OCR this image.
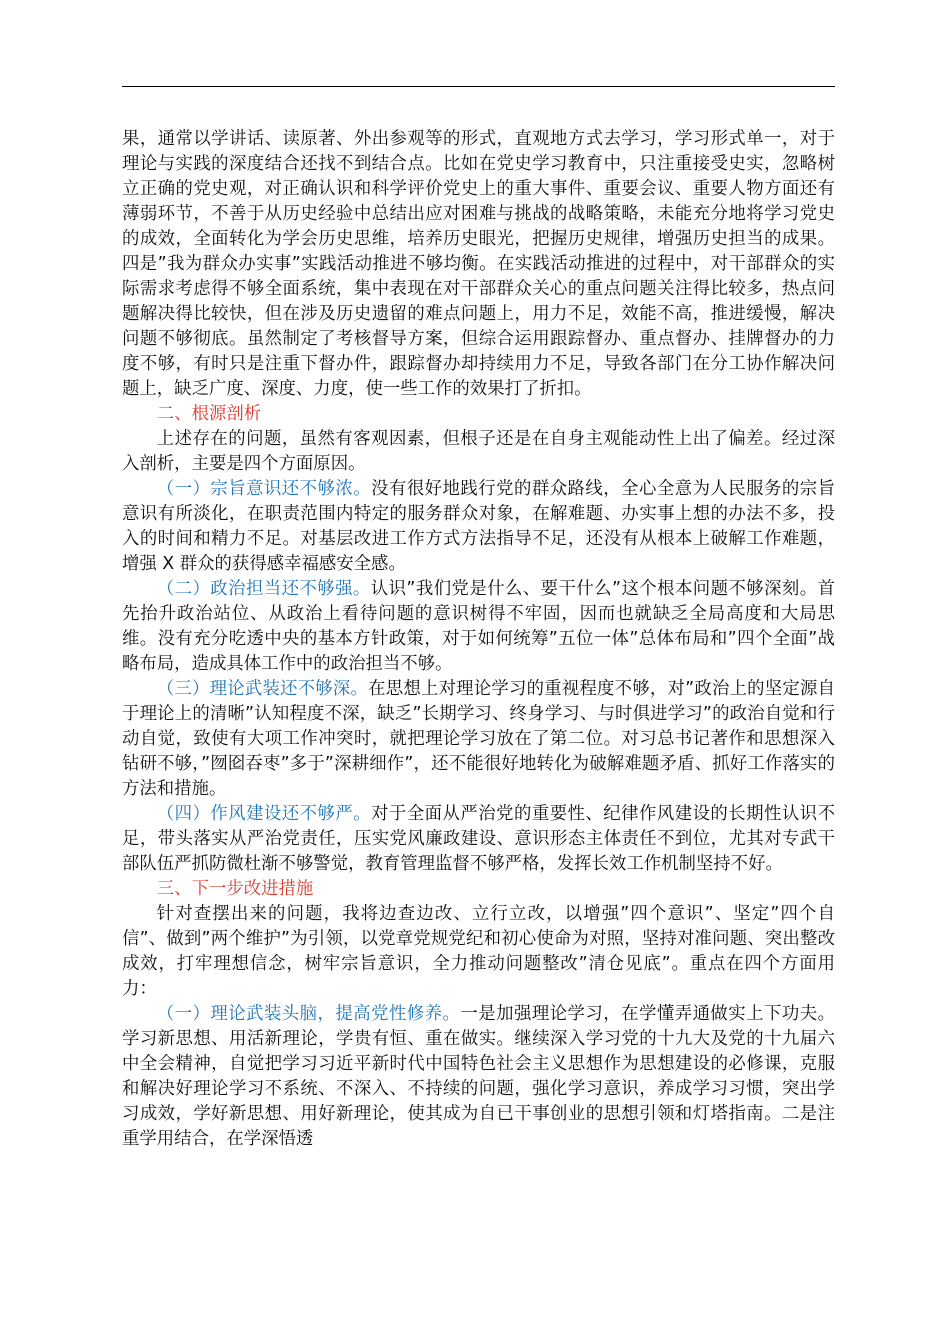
果，通常以学讲话、读原著、外出参观等的形式，直观地方式去学习，学习形式单一，对于理论与实践的深度结合还找不到结合点。比如在党史学习教育中，只注重接受史实，忽略树立正确的党史观，对正确认识和科学评价党史上的重大事件、重要会议、重要人物方面还有薄弱环节，不善于从历史经验中总结出应对困难与挑战的战略策略，未能充分地将学习党史的成效，全面转化为学会历史思维，培养历史眼光，把握历史规律，增强历史担当的成果。四是”我为群众办实事”实践活动推进不够均衡。在实践活动推进的过程中，对干部群众的实际需求考虑得不够全面系统，集中表现在对干部群众关心的重点问题关注得比较多，热点问题解决得比较快，但在涉及历史遗留的难点问题上，用力不足，效能不高，推进缓慢，解决问题不够彻底。虽然制定了考核督导方案，但综合运用跟踪督办、重点督办、挂牌督办的力度不够，有时只是注重下督办件，跟踪督办却持续用力不足，导致各部门在分工协作解决问题上，缺乏广度、深度、力度，使一些工作的效果打了折扣。

二、根源剖析

上述存在的问题，虽然有客观因素，但根子还是在自身主观能动性上出了偏差。经过深入剖析，主要是四个方面原因。

（一）宗旨意识还不够浓。没有很好地践行党的群众路线，全心全意为人民服务的宗旨意识有所淡化，在职责范围内特定的服务群众对象，在解难题、办实事上想的办法不多，投入的时间和精力不足。对基层改进工作方式方法指导不足，还没有从根本上破解工作难题，增强 X 群众的获得感幸福感安全感。

（二）政治担当还不够强。认识”我们党是什么、要干什么”这个根本问题不够深刻。首先抬升政治站位、从政治上看待问题的意识树得不牢固，因而也就缺乏全局高度和大局思维。没有充分吃透中央的基本方针政策，对于如何统筹”五位一体”总体布局和”四个全面”战略布局，造成具体工作中的政治担当不够。

（三）理论武装还不够深。在思想上对理论学习的重视程度不够，对”政治上的坚定源自于理论上的清晰”认知程度不深，缺乏”长期学习、终身学习、与时俱进学习”的政治自觉和行动自觉，致使有大项工作冲突时，就把理论学习放在了第二位。对习总书记著作和思想深入钻研不够，”囫囵吞枣”多于”深耕细作”，还不能很好地转化为破解难题矛盾、抓好工作落实的方法和措施。

（四）作风建设还不够严。对于全面从严治党的重要性、纪律作风建设的长期性认识不足，带头落实从严治党责任，压实党风廉政建设、意识形态主体责任不到位，尤其对专武干部队伍严抓防微杜渐不够警觉，教育管理监督不够严格，发挥长效工作机制坚持不好。

三、下一步改进措施

针对查摆出来的问题，我将边查边改、立行立改，以增强”四个意识”、坚定”四个自信”、做到”两个维护”为引领，以党章党规党纪和初心使命为对照，坚持对准问题、突出整改成效，打牢理想信念，树牢宗旨意识，全力推动问题整改”清仓见底”。重点在四个方面用力：

（一）理论武装头脑，提高党性修养。一是加强理论学习，在学懂弄通做实上下功夫。学习新思想、用活新理论，学贵有恒、重在做实。继续深入学习党的十九大及党的十九届六中全会精神，自觉把学习习近平新时代中国特色社会主义思想作为思想建设的必修课，克服和解决好理论学习不系统、不深入、不持续的问题，强化学习意识，养成学习习惯，突出学习成效，学好新思想、用好新理论，使其成为自已干事创业的思想引领和灯塔指南。二是注重学用结合，在学深悟透
